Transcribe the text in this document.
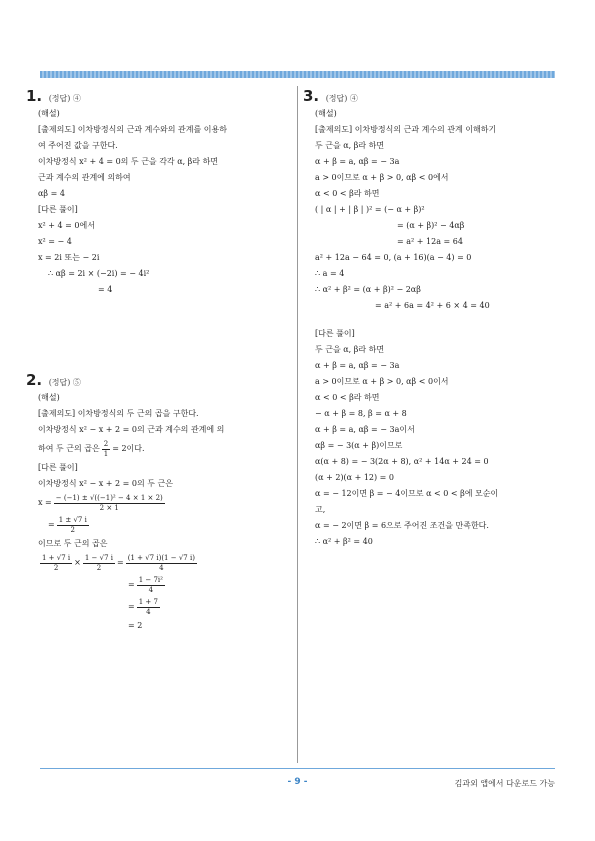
1. (정답) ④
(해설)
[출제의도] 이차방정식의 근과 계수와의 관계를 이용하
여 주어진 값을 구한다.
이차방정식 x² + 4 = 0의 두 근을 각각 α, β라 하면
근과 계수의 관계에 의하여
αβ = 4
[다른 풀이]
x² + 4 = 0에서
x² = − 4
x = 2i 또는 − 2i
∴ αβ = 2i × (−2i) = − 4i²
= 4
2. (정답) ⑤
(해설)
[출제의도] 이차방정식의 두 근의 곱을 구한다.
이차방정식 x² − x + 2 = 0의 근과 계수의 관계에 의
하여 두 근의 곱은 $\frac{2}{1} = 2$이다.
[다른 풀이]
이차방정식 x² − x + 2 = 0의 두 근은
$x = \frac{\text{− (−1) ± √((−1)² − 4 × 1 × 2)}}{2 \times 1}$
= $\frac{1 \pm √7 i}{2}$
이므로 두 근의 곱은
$\frac{1 + √7 i}{2} \times \frac{1 - √7 i}{2} = \frac{(1 + √7 i)(1 - √7 i)}{4}$
= $\frac{\text{1 − 7i²}}{4}$
= $\frac{1 + 7}{4}$
= 2
3. (정답) ④
(해설)
[출제의도] 이차방정식의 근과 계수의 관계 이해하기
두 근을 α, β라 하면
α + β = a, αβ = − 3a
a > 0이므로 α + β > 0, αβ < 0에서
α < 0 < β라 하면
( | α | + | β | )² = (− α + β)²
= (α + β)² − 4αβ
= a² + 12a = 64
a² + 12a − 64 = 0, (a + 16)(a − 4) = 0
∴ a = 4
∴ α² + β² = (α + β)² − 2αβ
= a² + 6a = 4² + 6 × 4 = 40
[다른 풀이]
두 근을 α, β라 하면
α + β = a, αβ = − 3a
a > 0이므로 α + β > 0, αβ < 0이서
α < 0 < β라 하면
− α + β = 8, β = α + 8
α + β = a, αβ = − 3a이서
αβ = − 3(α + β)이므로
α(α + 8) = − 3(2α + 8), α² + 14α + 24 = 0
(α + 2)(α + 12) = 0
α = − 12이면 β = − 4이므로 α < 0 < β에 모순이
고,
α = − 2이면 β = 6으로 주어진 조건을 만족한다.
∴ α² + β² = 40
- 9 -	김과외 앱에서 다운로드 가능
